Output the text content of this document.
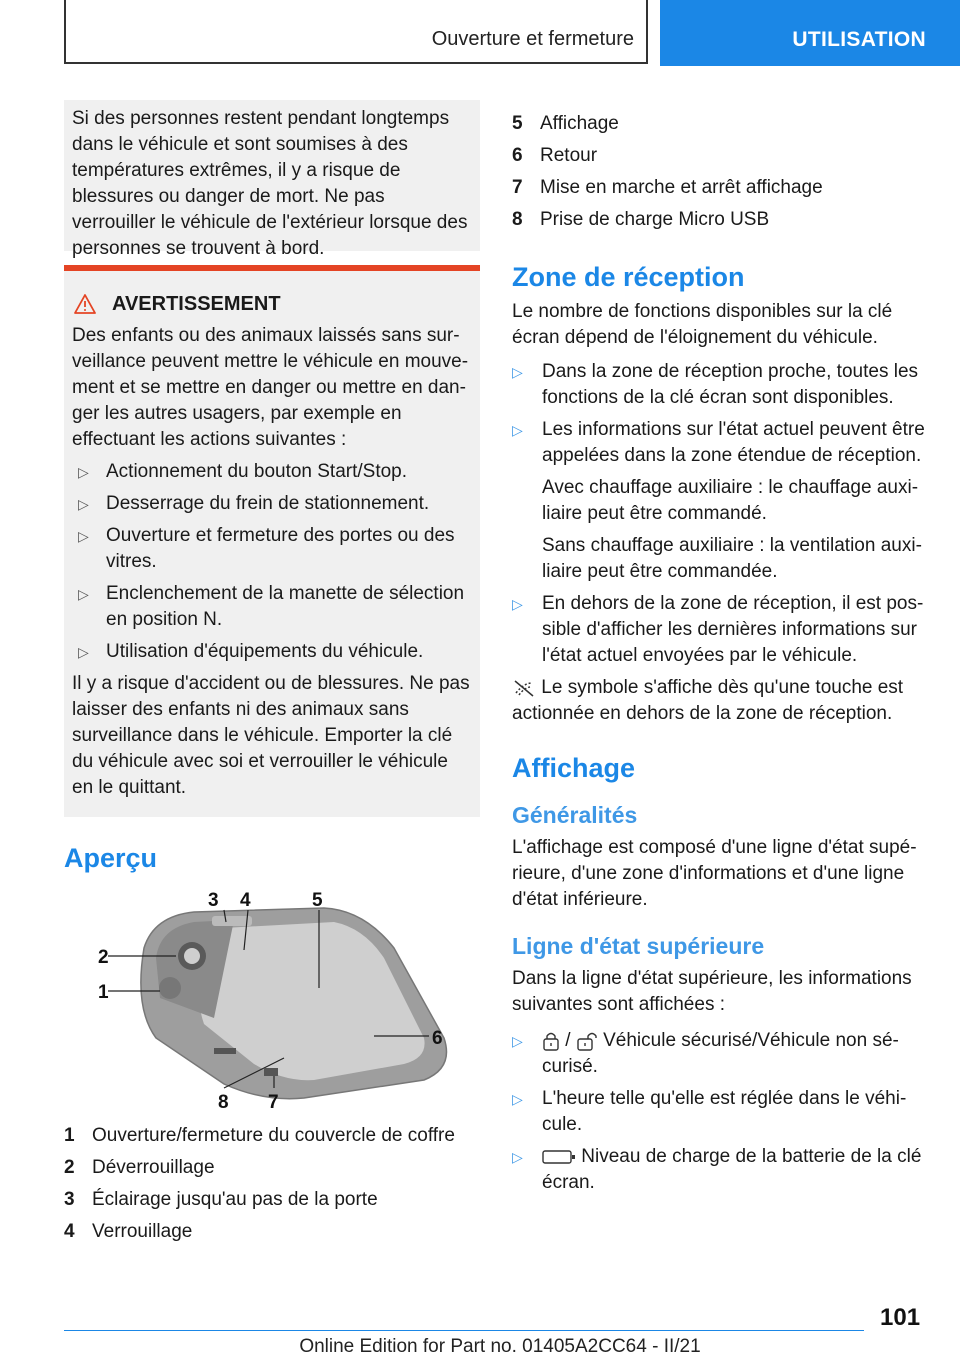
Ouverture et fermeture	UTILISATION

Si des personnes restent pendant longtemps dans le véhicule et sont soumises à des températures extrêmes, il y a risque de blessures ou danger de mort. Ne pas verrouiller le véhicule de l'extérieur lorsque des personnes se trouvent à bord.

AVERTISSEMENT

Des enfants ou des animaux laissés sans surveillance peuvent mettre le véhicule en mouvement et se mettre en danger ou mettre en danger les autres usagers, par exemple en effectuant les actions suivantes :

▷ Actionnement du bouton Start/Stop.
▷ Desserrage du frein de stationnement.
▷ Ouverture et fermeture des portes ou des vitres.
▷ Enclenchement de la manette de sélection en position N.
▷ Utilisation d'équipements du véhicule.

Il y a risque d'accident ou de blessures. Ne pas laisser des enfants ni des animaux sans surveillance dans le véhicule. Emporter la clé du véhicule avec soi et verrouiller le véhicule en le quittant.

Aperçu
1
2
3 4	5
6
7
8
1 Ouverture/fermeture du couvercle de coffre
2 Déverrouillage
3 Éclairage jusqu'au pas de la porte
4 Verrouillage
5 Affichage
6 Retour
7 Mise en marche et arrêt affichage
8 Prise de charge Micro USB
Zone de réception

Le nombre de fonctions disponibles sur la clé écran dépend de l'éloignement du véhicule.

▷ Dans la zone de réception proche, toutes les fonctions de la clé écran sont disponibles.

▷ Les informations sur l'état actuel peuvent être appelées dans la zone étendue de réception.

Avec chauffage auxiliaire : le chauffage auxiliaire peut être commandé.

Sans chauffage auxiliaire : la ventilation auxiliaire peut être commandée.

▷ En dehors de la zone de réception, il est possible d'afficher les dernières informations sur l'état actuel envoyées par le véhicule.

Le symbole s'affiche dès qu'une touche est actionnée en dehors de la zone de réception.

Affichage
Généralités

L'affichage est composé d'une ligne d'état supérieure, d'une zone d'informations et d'une ligne d'état inférieure.

Ligne d'état supérieure

Dans la ligne d'état supérieure, les informations suivantes sont affichées :

▷	/ Véhicule sécurisé/Véhicule non sécurisé.

▷ L'heure telle qu'elle est réglée dans le véhicule.

▷	Niveau de charge de la batterie de la clé écran.

101
Online Edition for Part no. 01405A2CC64 - II/21
